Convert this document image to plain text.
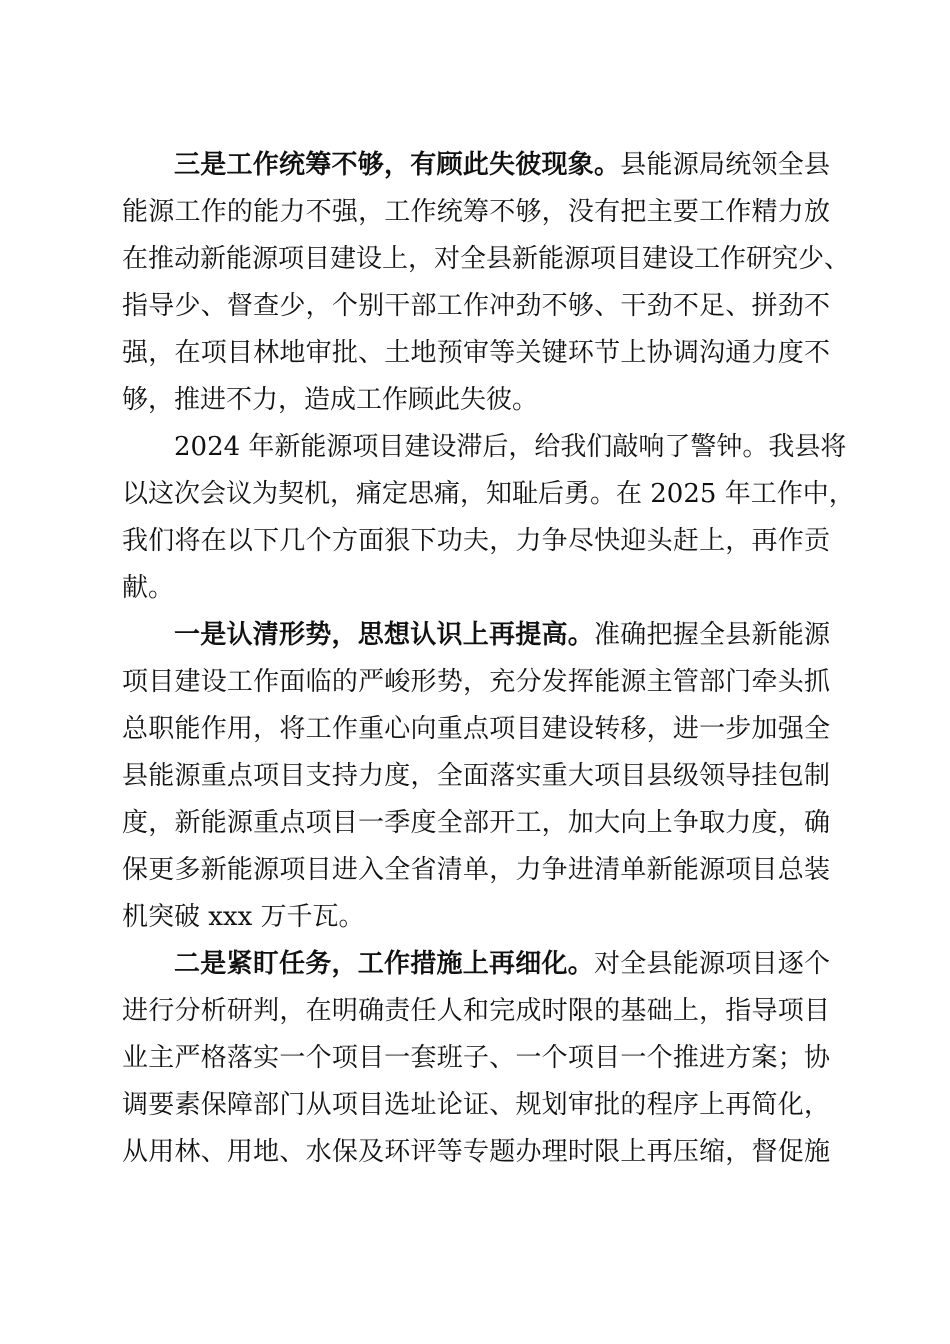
三是工作统筹不够，有顾此失彼现象。县能源局统领全县
能源工作的能力不强，工作统筹不够，没有把主要工作精力放
在推动新能源项目建设上，对全县新能源项目建设工作研究少、
指导少、督查少，个别干部工作冲劲不够、干劲不足、拼劲不
强，在项目林地审批、土地预审等关键环节上协调沟通力度不
够，推进不力，造成工作顾此失彼。
2024 年新能源项目建设滞后，给我们敲响了警钟。我县将
以这次会议为契机，痛定思痛，知耻后勇。在 2025 年工作中，
我们将在以下几个方面狠下功夫，力争尽快迎头赶上，再作贡
献。
一是认清形势，思想认识上再提高。准确把握全县新能源
项目建设工作面临的严峻形势，充分发挥能源主管部门牵头抓
总职能作用，将工作重心向重点项目建设转移，进一步加强全
县能源重点项目支持力度，全面落实重大项目县级领导挂包制
度，新能源重点项目一季度全部开工，加大向上争取力度，确
保更多新能源项目进入全省清单，力争进清单新能源项目总装
机突破 xxx 万千瓦。
二是紧盯任务，工作措施上再细化。对全县能源项目逐个
进行分析研判，在明确责任人和完成时限的基础上，指导项目
业主严格落实一个项目一套班子、一个项目一个推进方案；协
调要素保障部门从项目选址论证、规划审批的程序上再简化，
从用林、用地、水保及环评等专题办理时限上再压缩，督促施
